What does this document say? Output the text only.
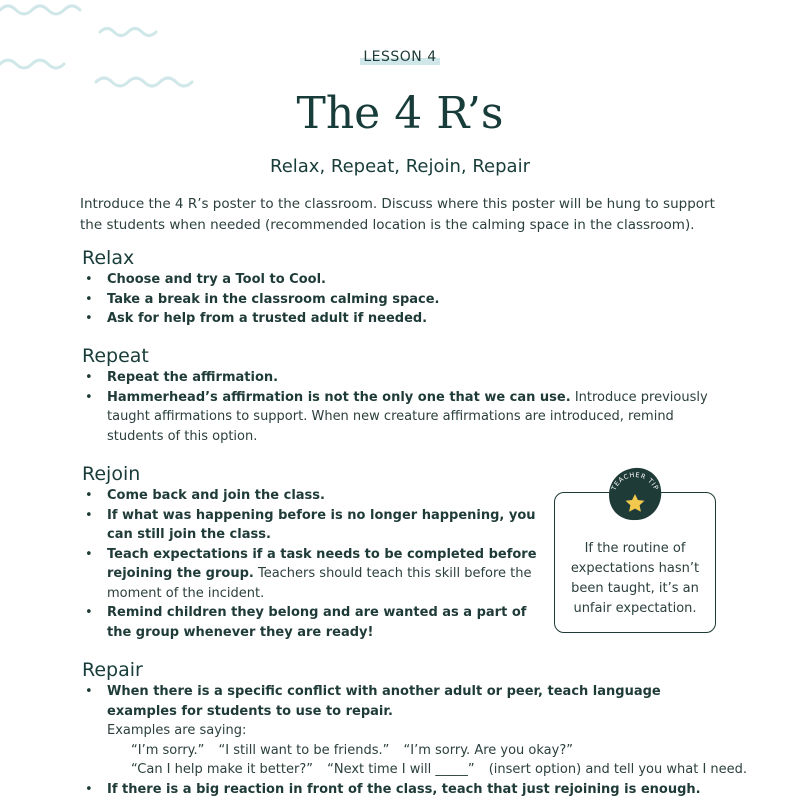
LESSON 4
The 4 R’s
Relax, Repeat, Rejoin, Repair
Introduce the 4 R’s poster to the classroom. Discuss where this poster will be hung to support the students when needed (recommended location is the calming space in the classroom).
Relax
• Choose and try a Tool to Cool.
• Take a break in the classroom calming space.
• Ask for help from a trusted adult if needed.
Repeat
• Repeat the affirmation.
• Hammerhead’s affirmation is not the only one that we can use. Introduce previously taught affirmations to support. When new creature affirmations are introduced, remind students of this option.
Rejoin
• Come back and join the class.
• If what was happening before is no longer happening, you can still join the class.
• Teach expectations if a task needs to be completed before rejoining the group. Teachers should teach this skill before the moment of the incident.
• Remind children they belong and are wanted as a part of the group whenever they are ready!
If the routine of expectations hasn’t been taught, it’s an unfair expectation.
TEACHER TIP
Repair
• When there is a specific conflict with another adult or peer, teach language examples for students to use to repair.
Examples are saying:
“I’m sorry.” “I still want to be friends.” “I’m sorry. Are you okay?”
“Can I help make it better?” “Next time I will _____” (insert option) and tell you what I need.
• If there is a big reaction in front of the class, teach that just rejoining is enough.
